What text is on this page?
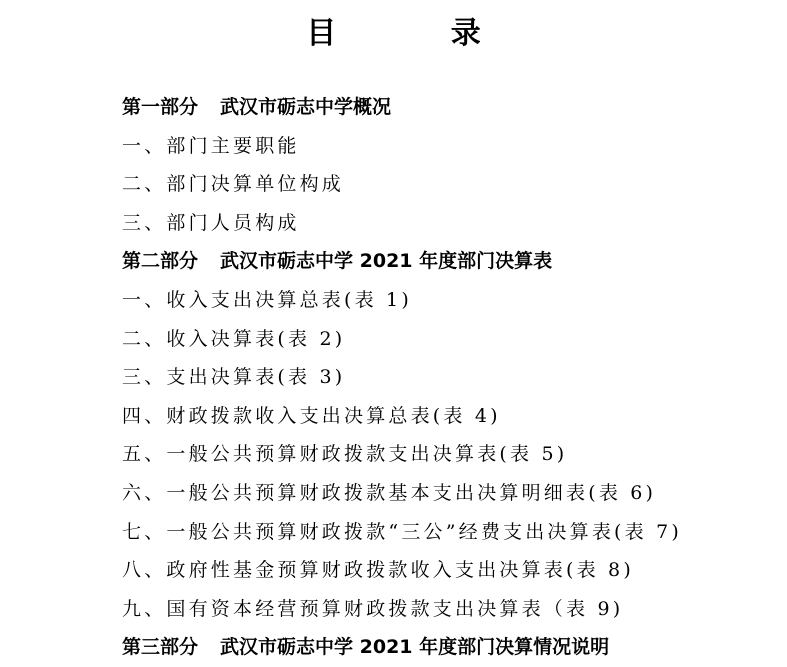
目 录
第一部分 武汉市砺志中学概况
一、部门主要职能
二、部门决算单位构成
三、部门人员构成
第二部分 武汉市砺志中学 2021 年度部门决算表
一、收入支出决算总表(表 1)
二、收入决算表(表 2)
三、支出决算表(表 3)
四、财政拨款收入支出决算总表(表 4)
五、一般公共预算财政拨款支出决算表(表 5)
六、一般公共预算财政拨款基本支出决算明细表(表 6)
七、一般公共预算财政拨款“三公”经费支出决算表(表 7)
八、政府性基金预算财政拨款收入支出决算表(表 8)
九、国有资本经营预算财政拨款支出决算表（表 9)
第三部分 武汉市砺志中学 2021 年度部门决算情况说明
